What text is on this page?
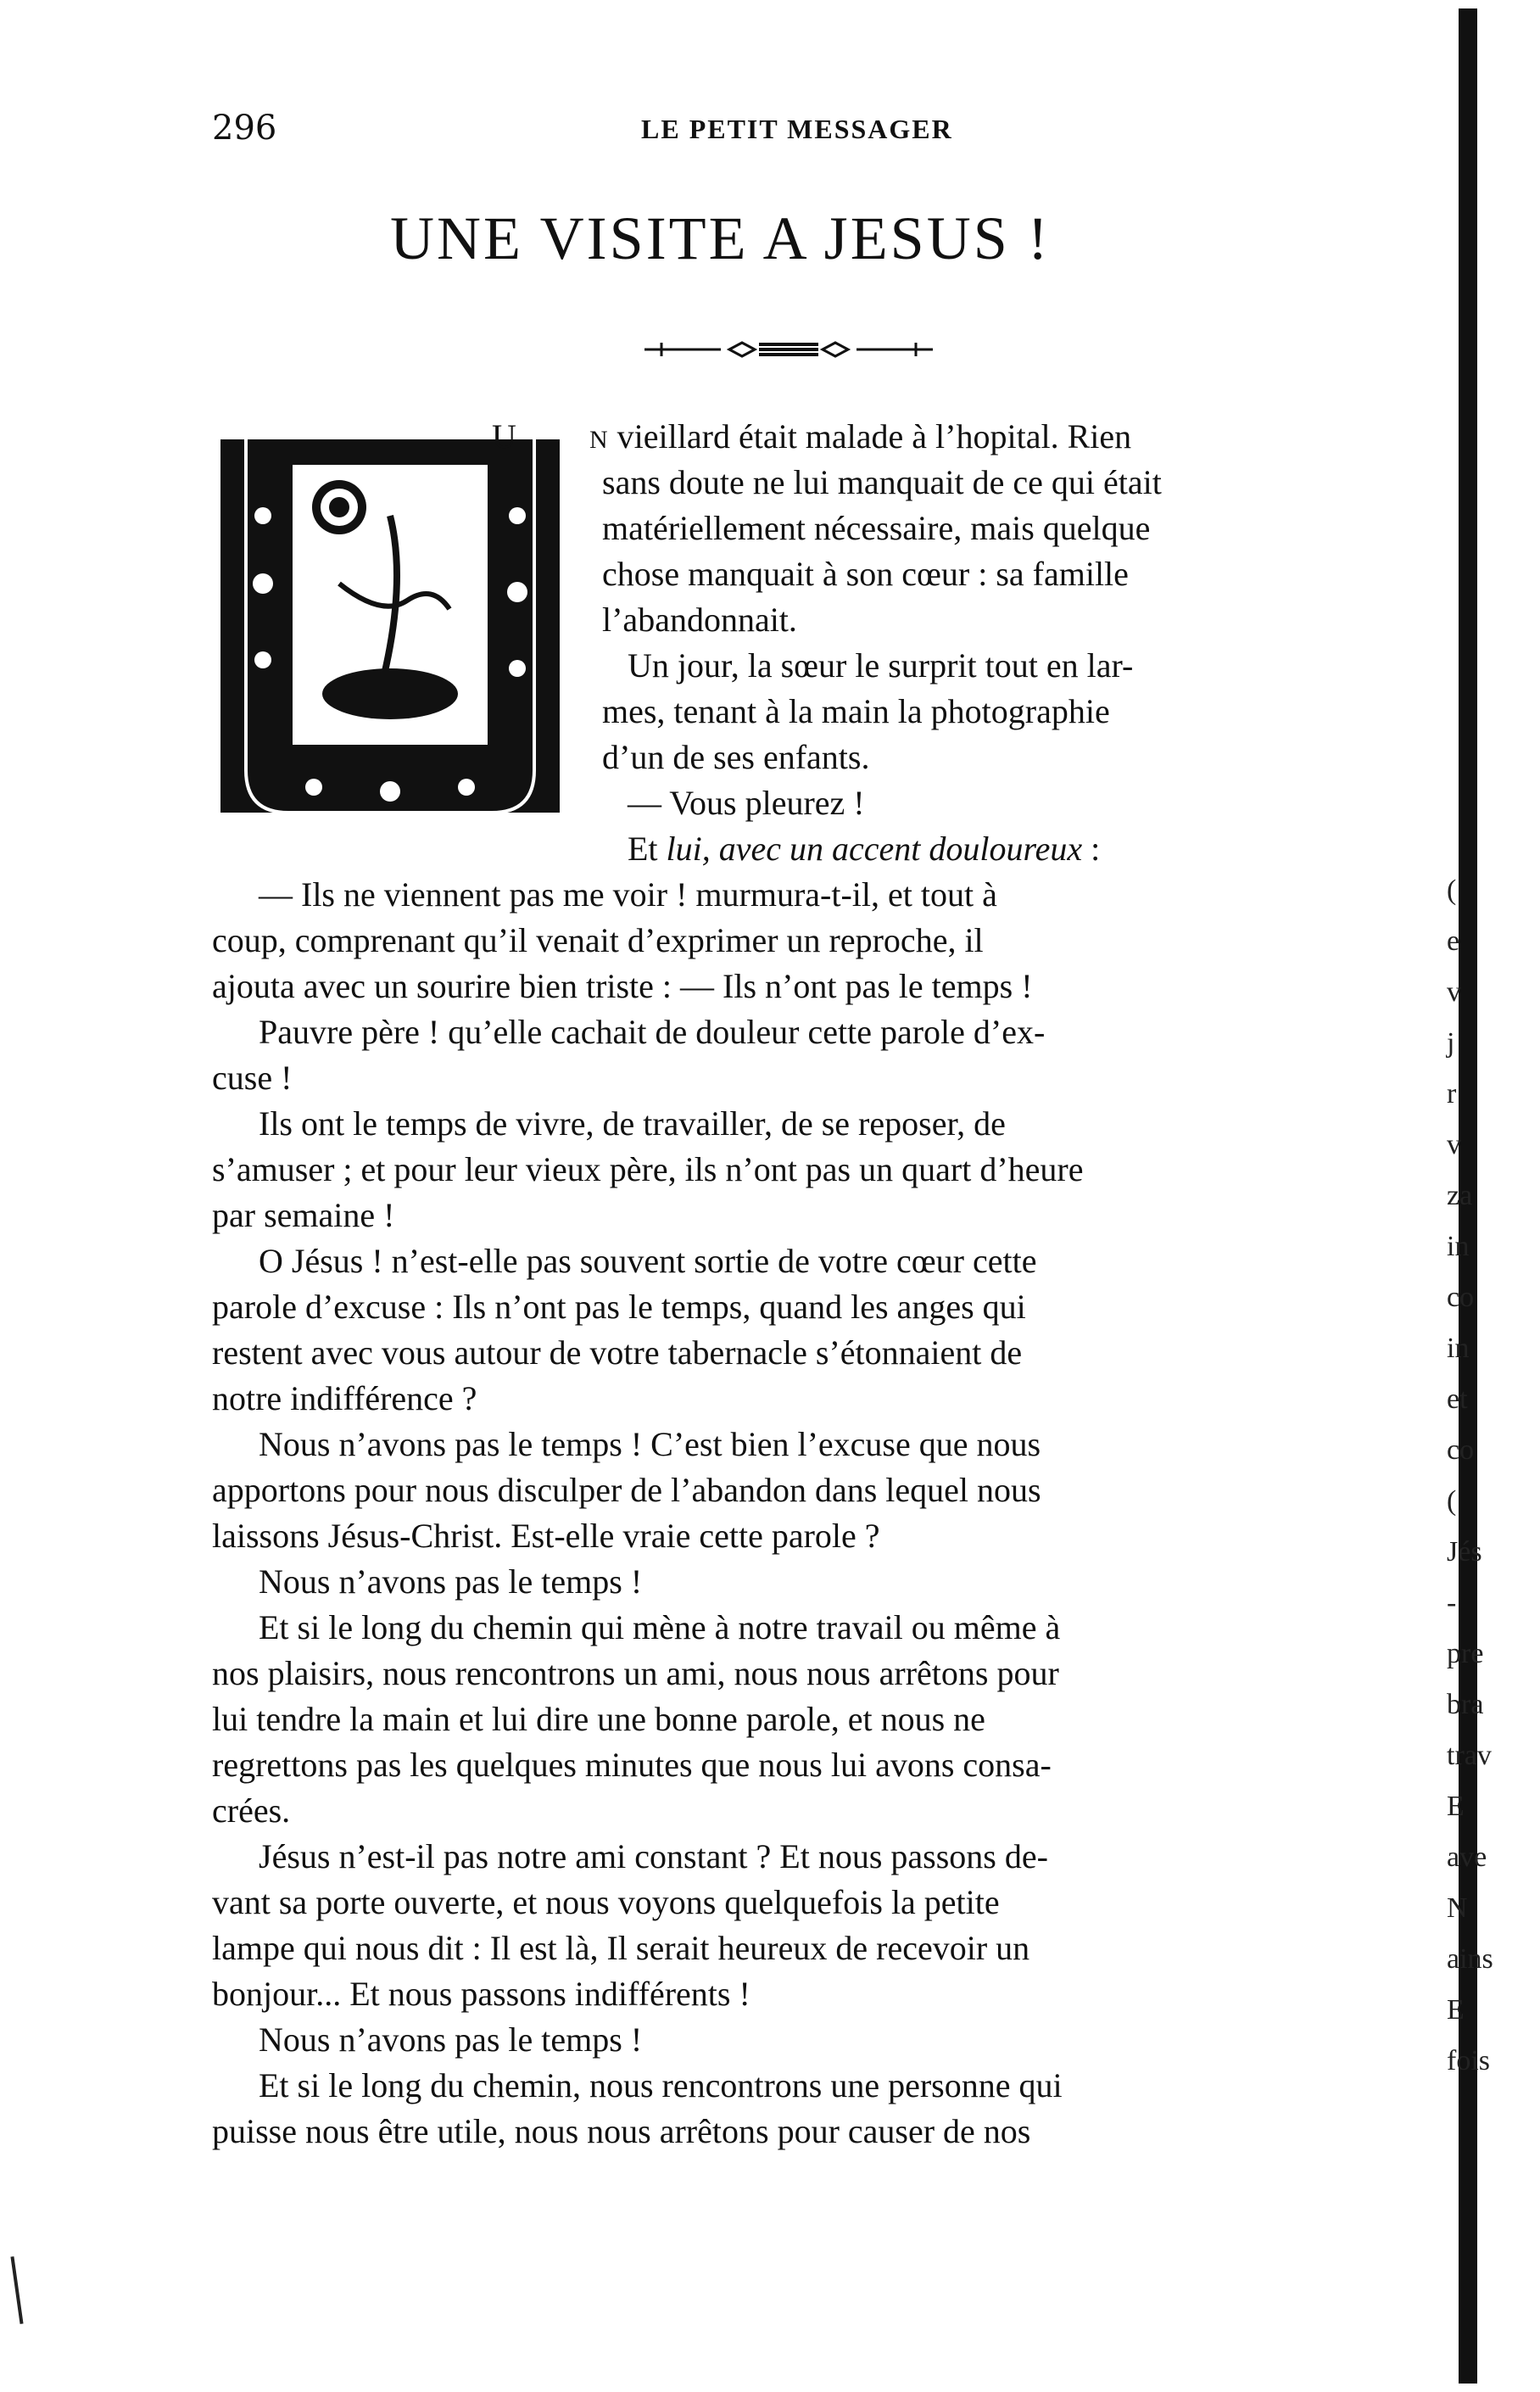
296	LE PETIT MESSAGER
UNE VISITE A JESUS !
U	N vieillard était malade à l’hopital. Rien
sans doute ne lui manquait de ce qui était
matériellement nécessaire, mais quelque
chose manquait à son cœur : sa famille
l’abandonnait.
Un jour, la sœur le surprit tout en lar-
mes, tenant à la main la photographie
d’un de ses enfants.
— Vous pleurez !
Et lui, avec un accent douloureux :
— Ils ne viennent pas me voir ! murmura-t-il, et tout à
coup, comprenant qu’il venait d’exprimer un reproche, il
ajouta avec un sourire bien triste : — Ils n’ont pas le temps !
Pauvre père ! qu’elle cachait de douleur cette parole d’ex-
cuse !
Ils ont le temps de vivre, de travailler, de se reposer, de
s’amuser ; et pour leur vieux père, ils n’ont pas un quart d’heure
par semaine !
O Jésus ! n’est-elle pas souvent sortie de votre cœur cette
parole d’excuse : Ils n’ont pas le temps, quand les anges qui
restent avec vous autour de votre tabernacle s’étonnaient de
notre indifférence ?
Nous n’avons pas le temps ! C’est bien l’excuse que nous
apportons pour nous disculper de l’abandon dans lequel nous
laissons Jésus-Christ. Est-elle vraie cette parole ?
Nous n’avons pas le temps !
Et si le long du chemin qui mène à notre travail ou même à
nos plaisirs, nous rencontrons un ami, nous nous arrêtons pour
lui tendre la main et lui dire une bonne parole, et nous ne
regrettons pas les quelques minutes que nous lui avons consa-
crées.
Jésus n’est-il pas notre ami constant ? Et nous passons de-
vant sa porte ouverte, et nous voyons quelquefois la petite
lampe qui nous dit : Il est là, Il serait heureux de recevoir un
bonjour... Et nous passons indifférents !
Nous n’avons pas le temps !
Et si le long du chemin, nous rencontrons une personne qui
puisse nous être utile, nous nous arrêtons pour causer de nos
(
e
v
j
r
v
za
in
co
in
et
co
(
Jés
-
pre
bra
trav
E
ave
N
ains
E
fois
